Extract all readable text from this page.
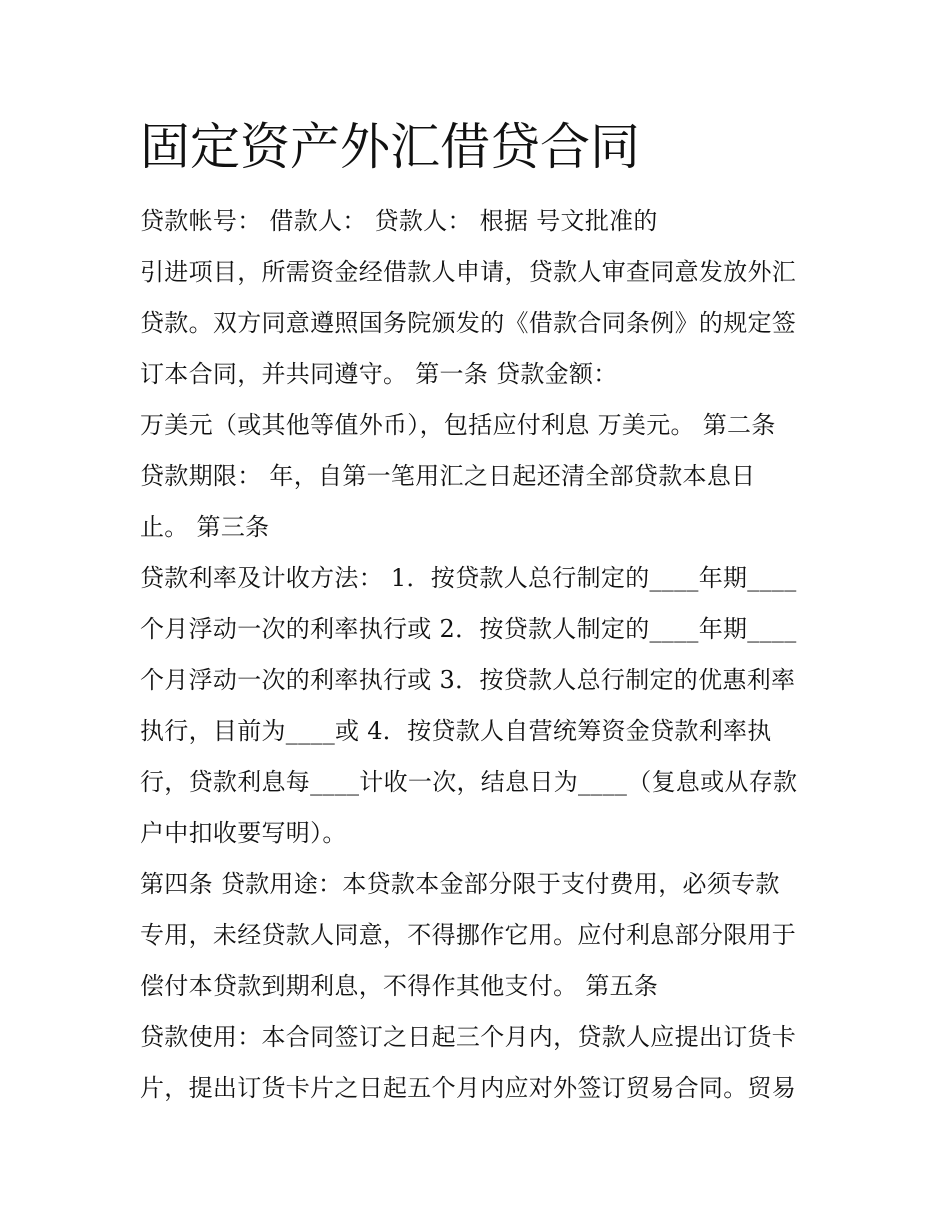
固定资产外汇借贷合同

贷款帐号： 借款人： 贷款人： 根据 号文批准的

引进项目，所需资金经借款人申请，贷款人审查同意发放外汇

贷款。双方同意遵照国务院颁发的《借款合同条例》的规定签

订本合同，并共同遵守。 第一条 贷款金额：

万美元（或其他等值外币），包括应付利息 万美元。 第二条

贷款期限： 年，自第一笔用汇之日起还清全部贷款本息日

止。 第三条

贷款利率及计收方法： 1．按贷款人总行制定的____年期____

个月浮动一次的利率执行或 2．按贷款人制定的____年期____

个月浮动一次的利率执行或 3．按贷款人总行制定的优惠利率

执行，目前为____或 4．按贷款人自营统筹资金贷款利率执

行，贷款利息每____计收一次，结息日为____（复息或从存款

户中扣收要写明）。

第四条 贷款用途：本贷款本金部分限于支付费用，必须专款

专用，未经贷款人同意，不得挪作它用。应付利息部分限用于

偿付本贷款到期利息，不得作其他支付。 第五条

贷款使用：本合同签订之日起三个月内，贷款人应提出订货卡

片，提出订货卡片之日起五个月内应对外签订贸易合同。贸易
